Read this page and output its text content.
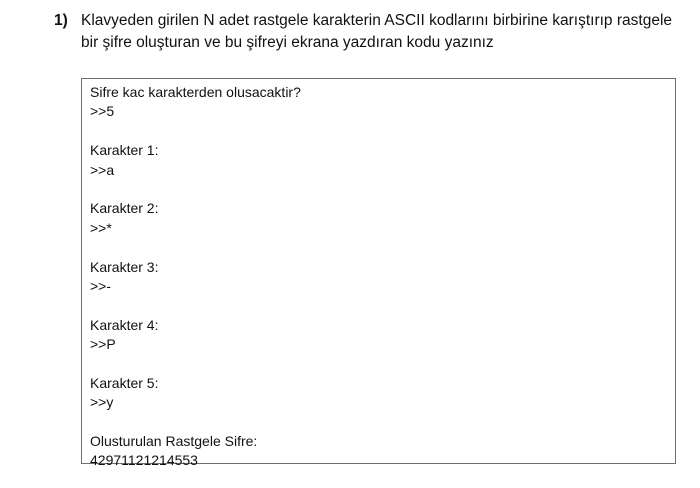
1) Klavyeden girilen N adet rastgele karakterin ASCII kodlarını birbirine karıştırıp rastgele bir şifre oluşturan ve bu şifreyi ekrana yazdıran kodu yazınız
Sifre kac karakterden olusacaktir?
>>5
Karakter 1:
>>a
Karakter 2:
>>*
Karakter 3:
>>-
Karakter 4:
>>P
Karakter 5:
>>y
Olusturulan Rastgele Sifre:
42971121214553
